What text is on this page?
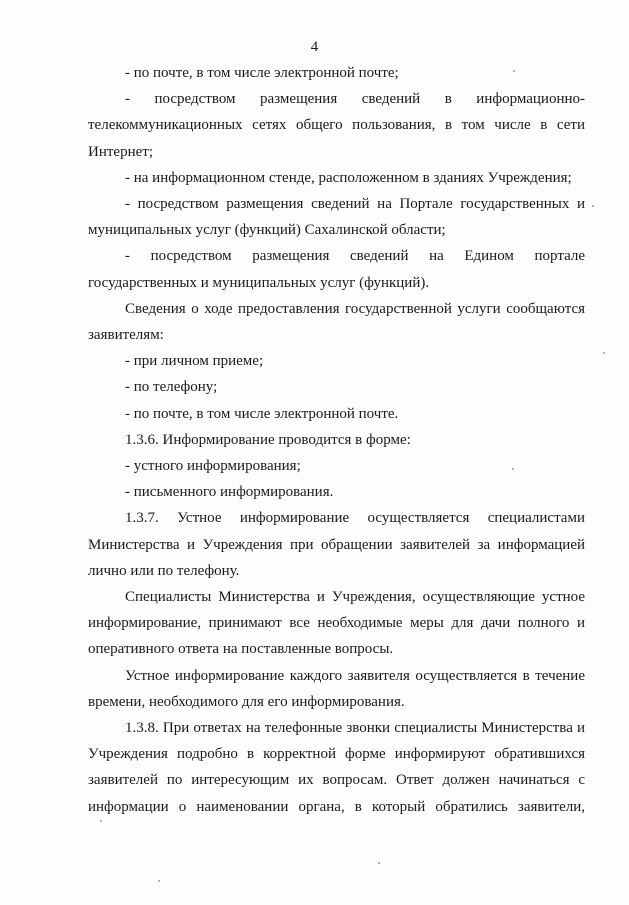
4

- по почте, в том числе электронной почте;

- посредством размещения сведений в информационно-телекоммуникационных сетях общего пользования, в том числе в сети Интернет;

- на информационном стенде, расположенном в зданиях Учреждения;

- посредством размещения сведений на Портале государственных и муниципальных услуг (функций) Сахалинской области;

- посредством размещения сведений на Едином портале государственных и муниципальных услуг (функций).

Сведения о ходе предоставления государственной услуги сообщаются заявителям:

- при личном приеме;

- по телефону;

- по почте, в том числе электронной почте.

1.3.6. Информирование проводится в форме:

- устного информирования;

- письменного информирования.

1.3.7. Устное информирование осуществляется специалистами Министерства и Учреждения при обращении заявителей за информацией лично или по телефону.

Специалисты Министерства и Учреждения, осуществляющие устное информирование, принимают все необходимые меры для дачи полного и оперативного ответа на поставленные вопросы.

Устное информирование каждого заявителя осуществляется в течение времени, необходимого для его информирования.

1.3.8. При ответах на телефонные звонки специалисты Министерства и Учреждения подробно в корректной форме информируют обратившихся заявителей по интересующим их вопросам. Ответ должен начинаться с информации о наименовании органа, в который обратились заявители,
